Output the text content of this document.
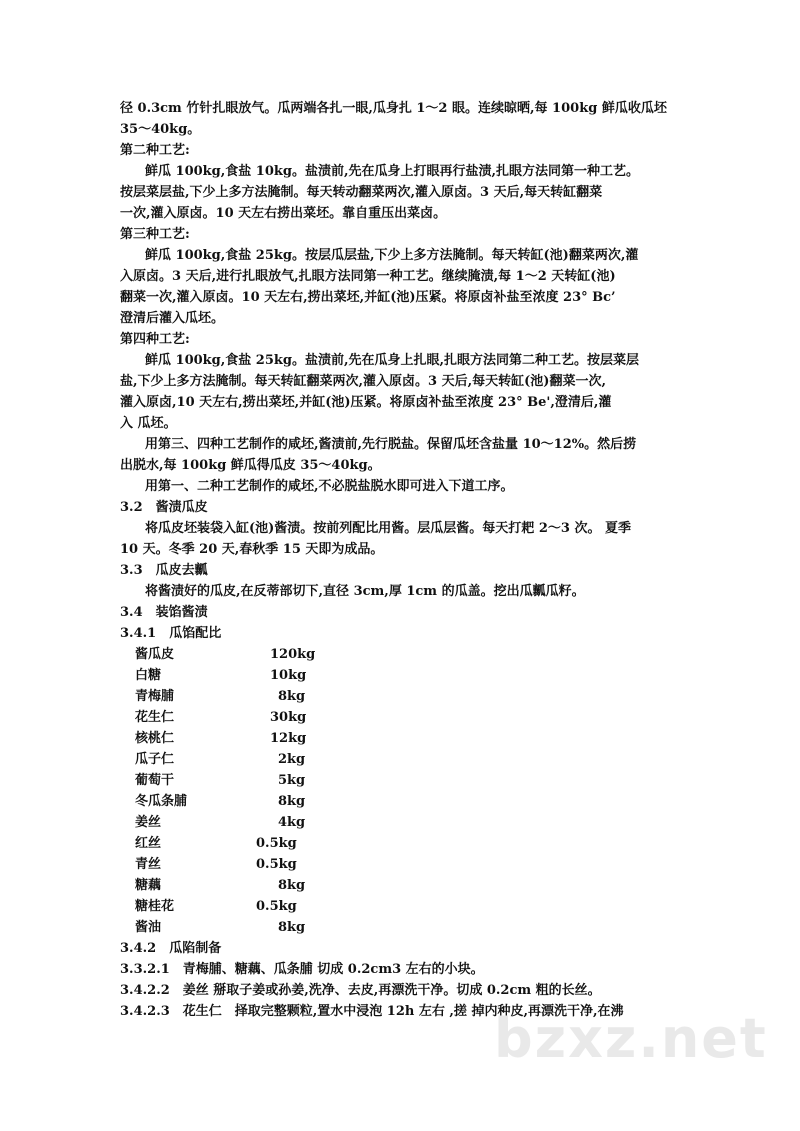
径 0.3cm 竹针扎眼放气。瓜两端各扎一眼,瓜身扎 1～2 眼。连续晾晒,每 100kg 鲜瓜收瓜坯
35～40kg。
第二种工艺:
鲜瓜 100kg,食盐 10kg。盐渍前,先在瓜身上打眼再行盐渍,扎眼方法同第一种工艺。
按层菜层盐,下少上多方法腌制。每天转动翻菜两次,灌入原卤。3 天后,每天转缸翻菜
一次,灌入原卤。10 天左右捞出菜坯。靠自重压出菜卤。
第三种工艺:
鲜瓜 100kg,食盐 25kg。按层瓜层盐,下少上多方法腌制。每天转缸(池)翻菜两次,灌
入原卤。3 天后,进行扎眼放气,扎眼方法同第一种工艺。继续腌渍,每 1～2 天转缸(池)
翻菜一次,灌入原卤。10 天左右,捞出菜坯,并缸(池)压紧。将原卤补盐至浓度 23° Bc’
澄清后灌入瓜坯。
第四种工艺:
鲜瓜 100kg,食盐 25kg。盐渍前,先在瓜身上扎眼,扎眼方法同第二种工艺。按层菜层
盐,下少上多方法腌制。每天转缸翻菜两次,灌入原卤。3 天后,每天转缸(池)翻菜一次,
灌入原卤,10 天左右,捞出菜坯,并缸(池)压紧。将原卤补盐至浓度 23° Be',澄清后,灌
入 瓜坯。
用第三、四种工艺制作的咸坯,酱渍前,先行脱盐。保留瓜坯含盐量 10～12%。然后捞
出脱水,每 100kg 鲜瓜得瓜皮 35～40kg。
用第一、二种工艺制作的咸坯,不必脱盐脱水即可进入下道工序。
3.2　酱渍瓜皮
将瓜皮坯装袋入缸(池)酱渍。按前列配比用酱。层瓜层酱。每天打耙 2～3 次。 夏季
10 天。冬季 20 天,春秋季 15 天即为成品。
3.3　瓜皮去瓤
将酱渍好的瓜皮,在反蒂部切下,直径 3cm,厚 1cm 的瓜盖。挖出瓜瓤瓜籽。
3.4　装馅酱渍
3.4.1　瓜馅配比
酱瓜皮	120kg
白糖	10kg
青梅脯	8kg
花生仁	30kg
核桃仁	12kg
瓜子仁	2kg
葡萄干	5kg
冬瓜条脯	8kg
姜丝	4kg
红丝	0.5kg
青丝	0.5kg
糖藕	8kg
糖桂花	0.5kg
酱油	8kg
3.4.2　瓜陷制备
3.3.2.1　青梅脯、糖藕、瓜条脯 切成 0.2cm3 左右的小块。
3.4.2.2　姜丝 掰取子姜或孙姜,洗净、去皮,再漂洗干净。切成 0.2cm 粗的长丝。
3.4.2.3　花生仁　择取完整颗粒,置水中浸泡 12h 左右 ,搓 掉内种皮,再漂洗干净,在沸
bzxz.net
